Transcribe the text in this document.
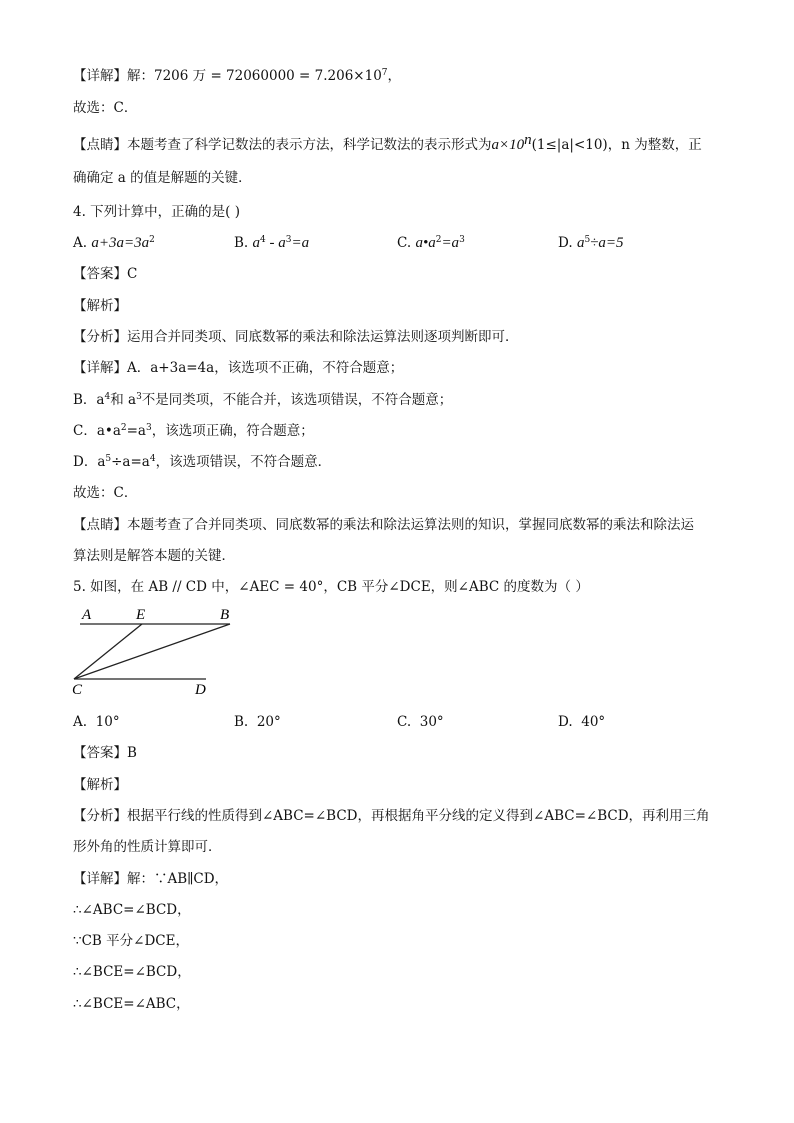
【详解】解：7206 万 = $72060000 = 7.206\times 10^7$，
故选：C．
【点睛】本题考查了科学记数法的表示方法，科学记数法的表示形式为$a\times 10^n(1\le|a|<10)$，n 为整数，正
确确定 a 的值是解题的关键．
4. 下列计算中，正确的是( )
A. $a+3a=3a^2$	B. $a^4 - a^3=a$	C. $a•a^2=a^3$	D. $a^5\div a=5$
【答案】C
【解析】
【分析】运用合并同类项、同底数幂的乘法和除法运算法则逐项判断即可．
【详解】A．a+3a=4a，该选项不正确，不符合题意；
B．$a^4$和 $a^3$不是同类项，不能合并，该选项错误，不符合题意；
C．$a•a^2=a^3$，该选项正确，符合题意；
D．$a^5\div a=a^4$，该选项错误，不符合题意．
故选：C．
【点睛】本题考查了合并同类项、同底数幂的乘法和除法运算法则的知识，掌握同底数幂的乘法和除法运
算法则是解答本题的关键．
5. 如图，在 AB // CD 中，∠AEC = 40°，CB 平分∠DCE，则∠ABC 的度数为（ ）
A	E	B
C	D
A. 10°	B. 20°	C. 30°	D. 40°
【答案】B
【解析】
【分析】根据平行线的性质得到∠ABC=∠BCD，再根据角平分线的定义得到∠ABC=∠BCD，再利用三角
形外角的性质计算即可．
【详解】解：∵AB∥CD，
∴∠ABC=∠BCD，
∵CB 平分∠DCE，
∴∠BCE=∠BCD，
∴∠BCE=∠ABC，
